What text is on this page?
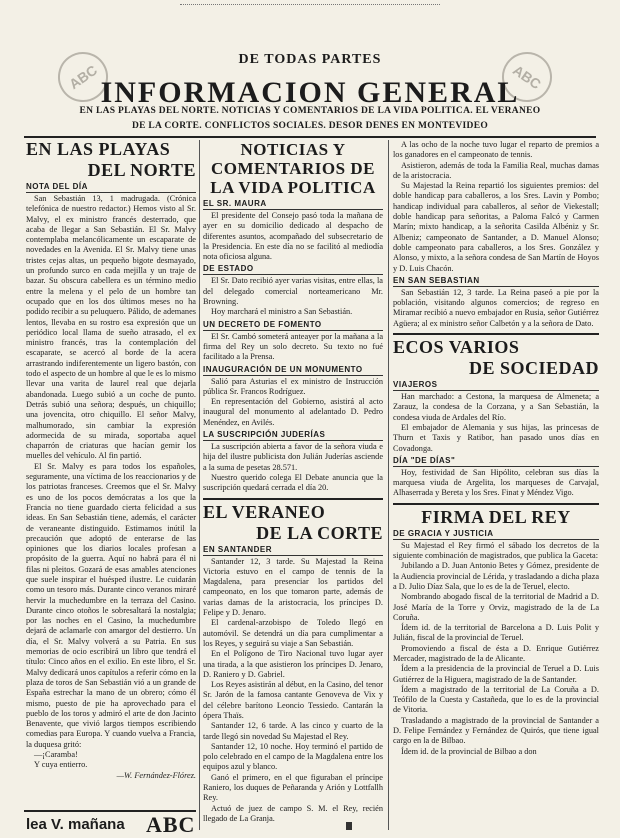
ABC	ABC
DE TODAS PARTES
INFORMACION GENERAL
EN LAS PLAYAS DEL NORTE. NOTICIAS Y COMENTARIOS DE LA VIDA POLITICA. EL VERANEO
DE LA CORTE. CONFLICTOS SOCIALES. DESOR DENES EN MONTEVIDEO
EN LAS PLAYAS
DEL NORTE
NOTA DEL DÍA

San Sebastián 13, 1 madrugada. (Crónica telefónica de nuestro redactor.) Hemos visto al Sr. Malvy, el ex ministro francés desterrado, que acaba de llegar a San Sebastián. El Sr. Malvy contemplaba melancólicamente un escaparate de novedades en la Avenida. El Sr. Malvy tiene unas tristes cejas altas, un pequeño bigote desmayado, un profundo surco en cada mejilla y un traje de bazar. Su obscura cabellera es un término medio entre la melena y el pelo de un hombre tan ocupado que en los dos últimos meses no ha podido recibir a su peluquero. Pálido, de ademanes lentos, llevaba en su rostro esa expresión que un periódico local llama de sueño atrasado, el ex ministro francés, tras la contemplación del escaparate, se acercó al borde de la acera arrastrando indiferentemente un ligero bastón, con todo el aspecto de un hombre al que le es lo mismo llevar una varita de laurel real que dejarla abandonada. Luego subió a un coche de punto. Detrás subió una señora; después, un chiquillo; una jovencita, otro chiquillo. El señor Malvy, malhumorado, sin cambiar la expresión adormecida de su mirada, soportaba aquel chaparrón de criaturas que hacían gemir los muelles del vehículo. Al fin partió.

El Sr. Malvy es para todos los españoles, seguramente, una víctima de los reaccionarios y de los patriotas franceses. Creemos que el Sr. Malvy es uno de los pocos demócratas a los que la Francia no tiene guardado cierta felicidad a sus ideas. En San Sebastián tiene, además, el carácter de veraneante distinguido. Estimamos inútil la precaución que adoptó de enterarse de las opiniones que los diarios locales profesan a propósito de la guerra. Aquí no habrá para él ni filas ni pleitos. Gozará de esas amables atenciones que suele inspirar el huésped ilustre. Le cuidarán como un tesoro más. Durante cinco veranos miraré hervir la muchedumbre en la terraza del Casino. Durante cinco otoños le sobresaltará la nostalgia; por las noches en el Casino, la muchedumbre dejará de aclamarle con amargor del destierro. Un día, el Sr. Malvy volverá a su Patria. En sus memorias de ocio escribirá un libro que tendrá el título: Cinco años en el exilio. En este libro, el Sr. Malvy dedicará unos capítulos a referir cómo en la plaza de toros de San Sebastián vió a un grande de España estrechar la mano de un obrero; cómo él mismo, puesto de pie ha aprovechado para el pueblo de los toros y admiró el arte de don Jacinto Benavente, que vivió largos tiempos escribiendo comedias para Europa. Y cuando vuelva a Francia, la duquesa gritó:

—¡Caramba!

Y cuya entierro.

—W. Fernández-Flórez.

NOTICIAS Y COMENTARIOS DE LA VIDA POLITICA
EL SR. MAURA

El presidente del Consejo pasó toda la mañana de ayer en su domicilio dedicado al despacho de diferentes asuntos, acompañado del subsecretario de la Presidencia. En este día no se facilitó al mediodía nota oficiosa alguna.

DE ESTADO

El Sr. Dato recibió ayer varias visitas, entre ellas, la del delegado comercial norteamericano Mr. Browning.

Hoy marchará el ministro a San Sebastián.

UN DECRETO DE FOMENTO

El Sr. Cambó someterá anteayer por la mañana a la firma del Rey un solo decreto. Su texto no fué facilitado a la Prensa.

INAUGURACIÓN DE UN MONUMENTO

Salió para Asturias el ex ministro de Instrucción pública Sr. Francos Rodríguez.

En representación del Gobierno, asistirá al acto inaugural del monumento al adelantado D. Pedro Menéndez, en Avilés.

LA SUSCRIPCIÓN JUDERÍAS

La suscripción abierta a favor de la señora viuda e hija del ilustre publicista don Julián Juderías asciende a la suma de pesetas 28.571.

Nuestro querido colega El Debate anuncia que la suscripción quedará cerrada el día 20.

EL VERANEO
DE LA CORTE
EN SANTANDER

Santander 12, 3 tarde. Su Majestad la Reina Victoria estuvo en el campo de tennis de la Magdalena, para presenciar los partidos del campeonato, en los que tomaron parte, además de varias damas de la aristocracia, los príncipes D. Felipe y D. Jenaro.

El cardenal-arzobispo de Toledo llegó en automóvil. Se detendrá un día para cumplimentar a los Reyes, y seguirá su viaje a San Sebastián.

En el Polígono de Tiro Nacional tuvo lugar ayer una tirada, a la que asistieron los príncipes D. Jenaro, D. Raniero y D. Gabriel.

Los Reyes asistirán al début, en la Casino, del tenor Sr. Jarón de la famosa cantante Genoveva de Vix y del célebre barítono Leoncio Tessiedo. Cantarán la ópera Thaïs.

Santander 12, 6 tarde. A las cinco y cuarto de la tarde llegó sin novedad Su Majestad el Rey.

Santander 12, 10 noche. Hoy terminó el partido de polo celebrado en el campo de la Magdalena entre los equipos azul y blanco.

Ganó el primero, en el que figuraban el príncipe Raniero, los duques de Peñaranda y Arión y Lottfallh Rey.

Actuó de juez de campo S. M. el Rey, recién llegado de La Granja.

A las ocho de la noche tuvo lugar el reparto de premios a los ganadores en el campeonato de tennis.

Asistieron, además de toda la Familia Real, muchas damas de la aristocracia.

Su Majestad la Reina repartió los siguientes premios: del doble handicap para caballeros, a los Sres. Lavin y Pombo; handicap individual para caballeros, al señor de Viekestall; doble handicap para señoritas, a Paloma Falcó y Carmen Marín; mixto handicap, a la señorita Casilda Albéniz y Sr. Albeniz; campeonato de Santander, a D. Manuel Alonso; doble campeonato para caballeros, a los Sres. González y Alonso, y mixto, a la señora condesa de San Martín de Hoyos y D. Luis Chacón.

EN SAN SEBASTIAN

San Sebastián 12, 3 tarde. La Reina paseó a pie por la población, visitando algunos comercios; de regreso en Miramar recibió a nuevo embajador en Rusia, señor Gutiérrez Agüera; al ex ministro señor Calbetón y a la señora de Dato.

ECOS VARIOS
DE SOCIEDAD
VIAJEROS

Han marchado: a Cestona, la marquesa de Almeneta; a Zarauz, la condesa de la Corzana, y a San Sebastián, la condesa viuda de Ardales del Río.

El embajador de Alemania y sus hijas, las princesas de Thurn et Taxis y Ratibor, han pasado unos días en Covadonga.

DÍA "DE DÍAS"

Hoy, festividad de San Hipólito, celebran sus días la marquesa viuda de Argelita, los marqueses de Carvajal, Alhaserrada y Bereta y los Sres. Finat y Méndez Vigo.

FIRMA DEL REY
DE GRACIA Y JUSTICIA

Su Majestad el Rey firmó el sábado los decretos de la siguiente combinación de magistrados, que publica la Gaceta:

Jubilando a D. Juan Antonio Betes y Gómez, presidente de la Audiencia provincial de Lérida, y trasladando a dicha plaza a D. Julio Díaz Sala, que lo es de la de Teruel, electo.

Nombrando abogado fiscal de la territorial de Madrid a D. José María de la Torre y Orviz, magistrado de la de La Coruña.

Ídem id. de la territorial de Barcelona a D. Luis Polit y Julián, fiscal de la provincial de Teruel.

Promoviendo a fiscal de ésta a D. Enrique Gutiérrez Mercader, magistrado de la de Alicante.

Ídem a la presidencia de la provincial de Teruel a D. Luis Gutiérrez de la Higuera, magistrado de la de Santander.

Ídem a magistrado de la territorial de La Coruña a D. Teófilo de la Cuesta y Castañeda, que lo es de la provincial de Vitoria.

Trasladando a magistrado de la provincial de Santander a D. Felipe Fernández y Fernández de Quirós, que tiene igual cargo en la de Bilbao.

Ídem id. de la provincial de Bilbao a don

lea V. mañana ABC
